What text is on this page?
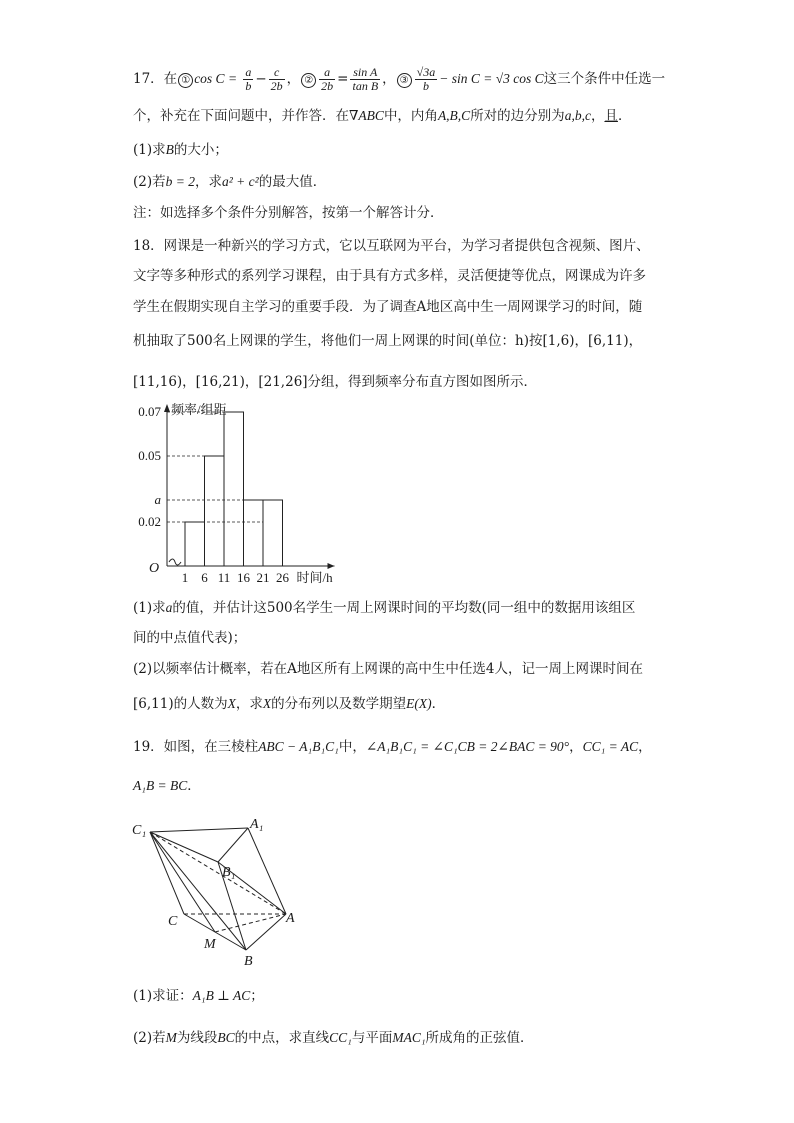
17．在 ① $\cos C = \frac{a}{b} - \frac{c}{2b}$ ， ② $\frac{a}{2b} = \frac{\text{sin A}}{\text{tan B}}$ ， ③ $\frac{√3a}{b} - \sin C = √3$ cos C这三个条件中任选一
个，补充在下面问题中，并作答．在∇ABC中，内角A,B,C所对的边分别为a,b,c，且．
(1)求B的大小；
(2)若b = 2，求a² + c²的最大值．
注：如选择多个条件分别解答，按第一个解答计分．
18．网课是一种新兴的学习方式，它以互联网为平台，为学习者提供包含视频、图片、
文字等多种形式的系列学习课程，由于具有方式多样，灵活便捷等优点，网课成为许多
学生在假期实现自主学习的重要手段．为了调查A地区高中生一周网课学习的时间，随
机抽取了500名上网课的学生，将他们一周上网课的时间(单位：h)按[1,6)，[6,11)，
[11,16)，[16,21)，[21,26]分组，得到频率分布直方图如图所示．
0.07
0.05
a
0.02
1 6 11 16 21 26
O
频率/组距
时间/h
(1)求a的值，并估计这500名学生一周上网课时间的平均数(同一组中的数据用该组区
间的中点值代表)；
(2)以频率估计概率，若在A地区所有上网课的高中生中任选4人，记一周上网课时间在
[6,11)的人数为X，求X的分布列以及数学期望E(X)．
19．如图，在三棱柱ABC − A₁B₁C₁中，∠A₁B₁C₁ = ∠C₁CB = 2∠BAC = 90°，CC₁ = AC，
A₁B = BC．
C₁	A₁
B₁
C	A
M
B
(1)求证：A₁B ⊥ AC；
(2)若M为线段BC的中点，求直线CC₁与平面MAC₁所成角的正弦值．
